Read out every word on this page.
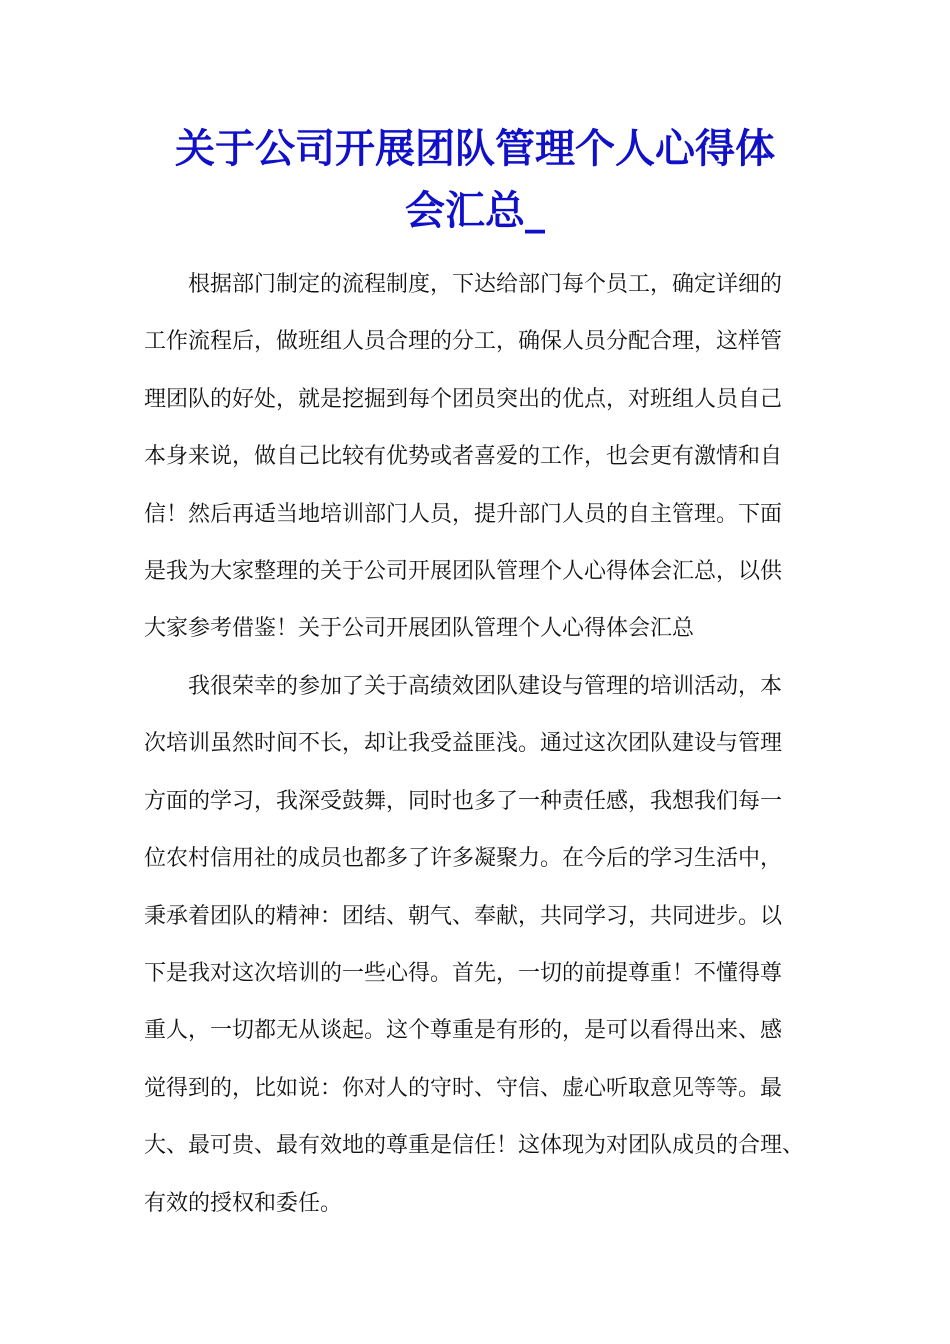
关于公司开展团队管理个人心得体
会汇总_
根据部门制定的流程制度，下达给部门每个员工，确定详细的
工作流程后，做班组人员合理的分工，确保人员分配合理，这样管
理团队的好处，就是挖掘到每个团员突出的优点，对班组人员自己
本身来说，做自己比较有优势或者喜爱的工作，也会更有激情和自
信！然后再适当地培训部门人员，提升部门人员的自主管理。下面
是我为大家整理的关于公司开展团队管理个人心得体会汇总，以供
大家参考借鉴！关于公司开展团队管理个人心得体会汇总
我很荣幸的参加了关于高绩效团队建设与管理的培训活动，本
次培训虽然时间不长，却让我受益匪浅。通过这次团队建设与管理
方面的学习，我深受鼓舞，同时也多了一种责任感，我想我们每一
位农村信用社的成员也都多了许多凝聚力。在今后的学习生活中，
秉承着团队的精神：团结、朝气、奉献，共同学习，共同进步。以
下是我对这次培训的一些心得。首先，一切的前提尊重！不懂得尊
重人，一切都无从谈起。这个尊重是有形的，是可以看得出来、感
觉得到的，比如说：你对人的守时、守信、虚心听取意见等等。最
大、最可贵、最有效地的尊重是信任！这体现为对团队成员的合理、
有效的授权和委任。
